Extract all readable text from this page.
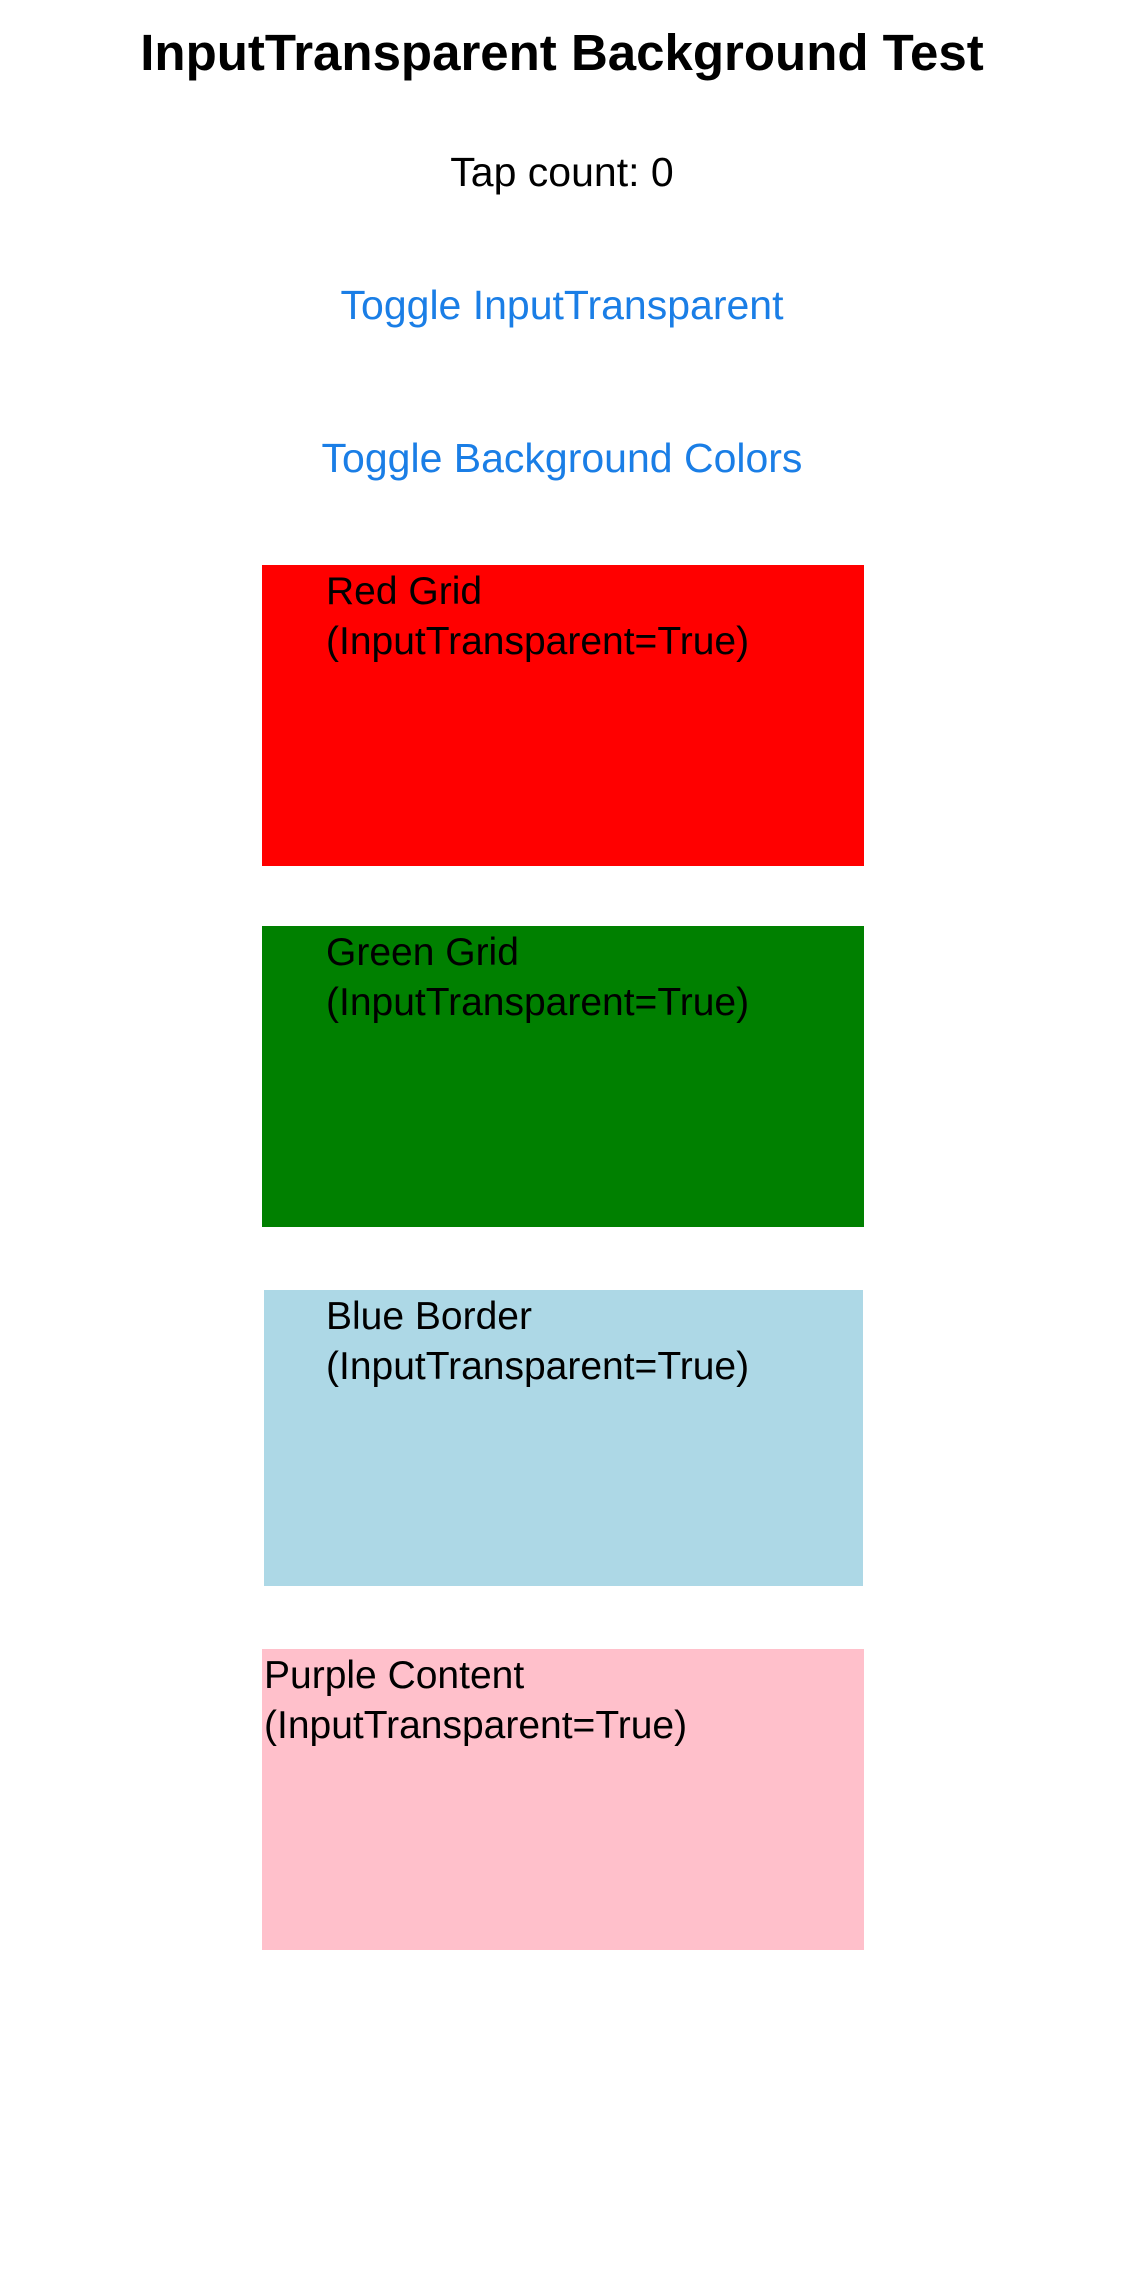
InputTransparent Background Test
Tap count: 0
Toggle InputTransparent
Toggle Background Colors
Red Grid
(InputTransparent=True)
Green Grid
(InputTransparent=True)
Blue Border
(InputTransparent=True)
Purple Content
(InputTransparent=True)
